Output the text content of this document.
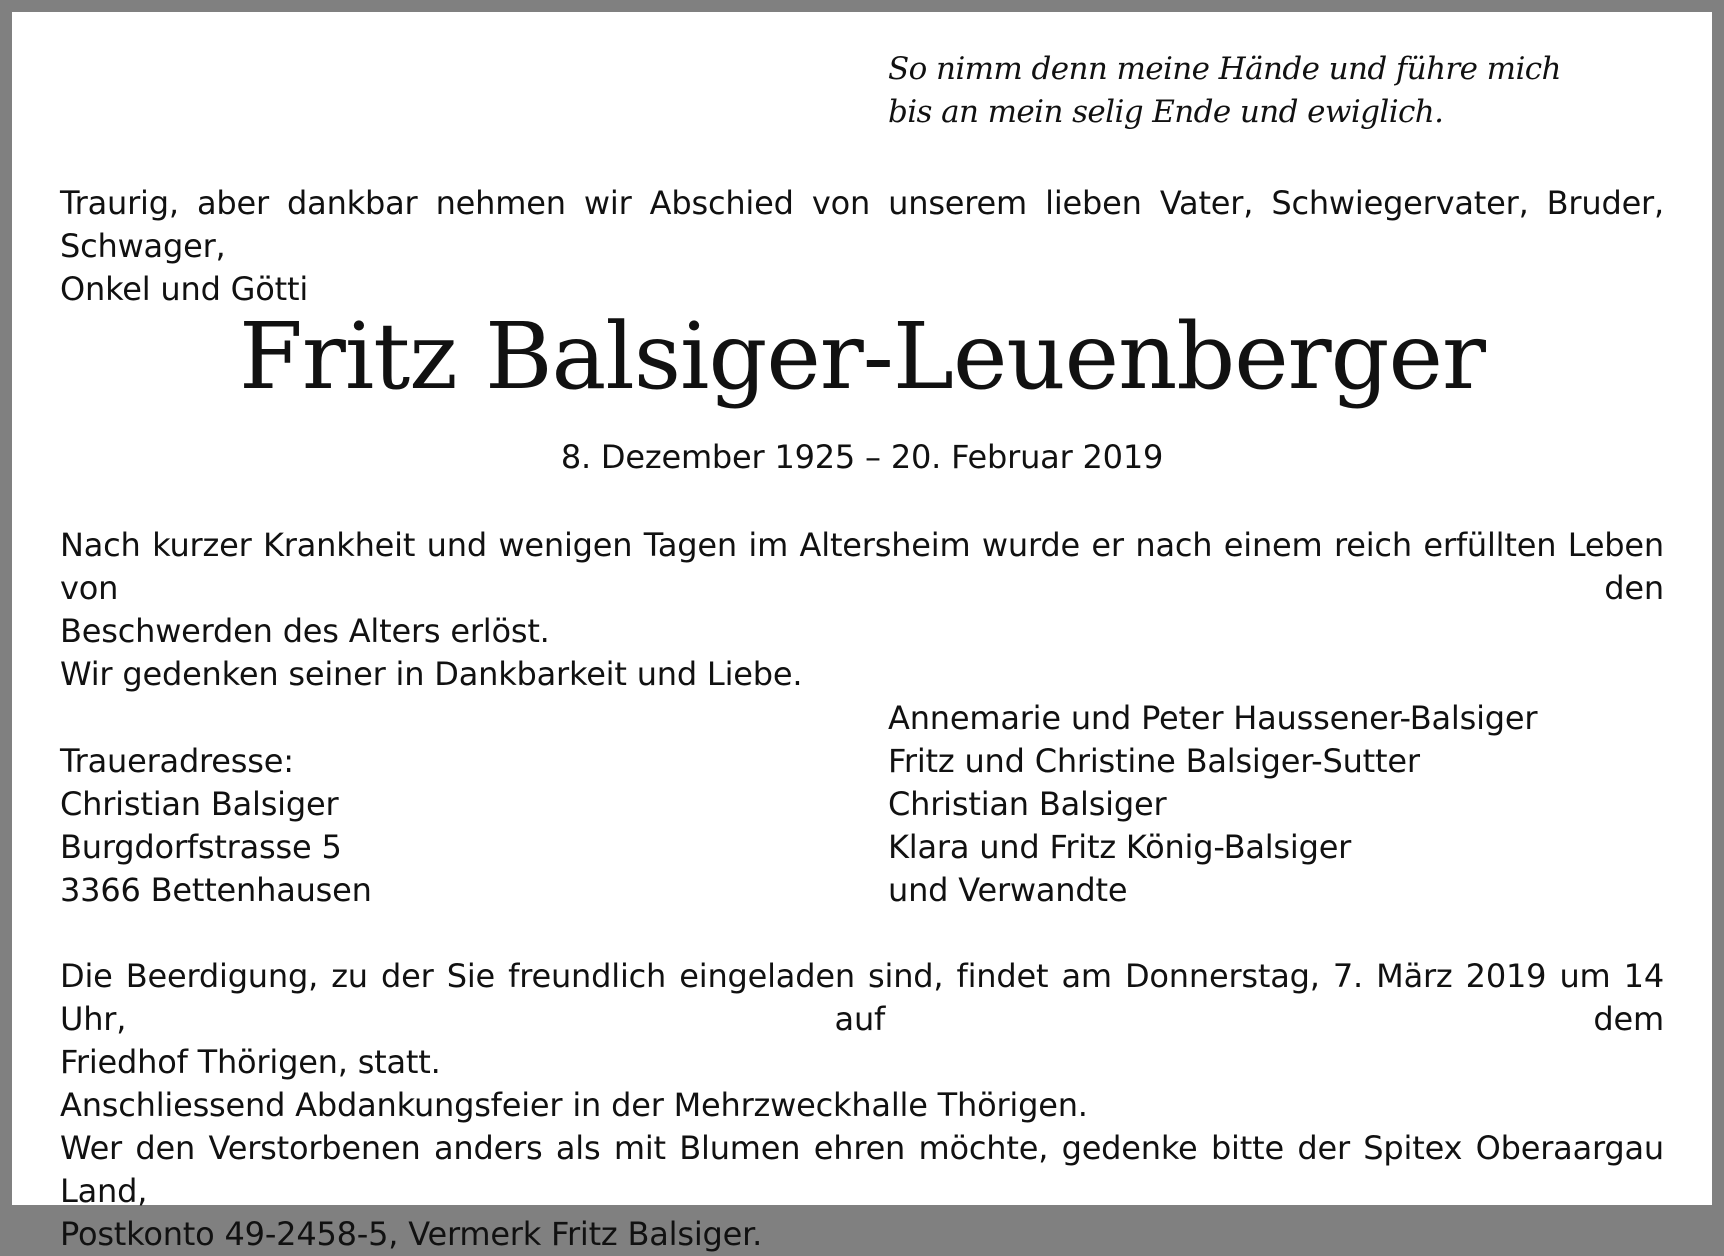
So nimm denn meine Hände und führe mich
bis an mein selig Ende und ewiglich.
Traurig, aber dankbar nehmen wir Abschied von unserem lieben Vater, Schwiegervater, Bruder, Schwager,
Onkel und Götti
Fritz Balsiger-Leuenberger
8. Dezember 1925 – 20. Februar 2019
Nach kurzer Krankheit und wenigen Tagen im Altersheim wurde er nach einem reich erfüllten Leben von den
Beschwerden des Alters erlöst.
Wir gedenken seiner in Dankbarkeit und Liebe.
Traueradresse:
Christian Balsiger
Burgdorfstrasse 5
3366 Bettenhausen
Annemarie und Peter Haussener-Balsiger
Fritz und Christine Balsiger-Sutter
Christian Balsiger
Klara und Fritz König-Balsiger
und Verwandte
Die Beerdigung, zu der Sie freundlich eingeladen sind, findet am Donnerstag, 7. März 2019 um 14 Uhr, auf dem
Friedhof Thörigen, statt.
Anschliessend Abdankungsfeier in der Mehrzweckhalle Thörigen.
Wer den Verstorbenen anders als mit Blumen ehren möchte, gedenke bitte der Spitex Oberaargau Land,
Postkonto 49-2458-5, Vermerk Fritz Balsiger.
